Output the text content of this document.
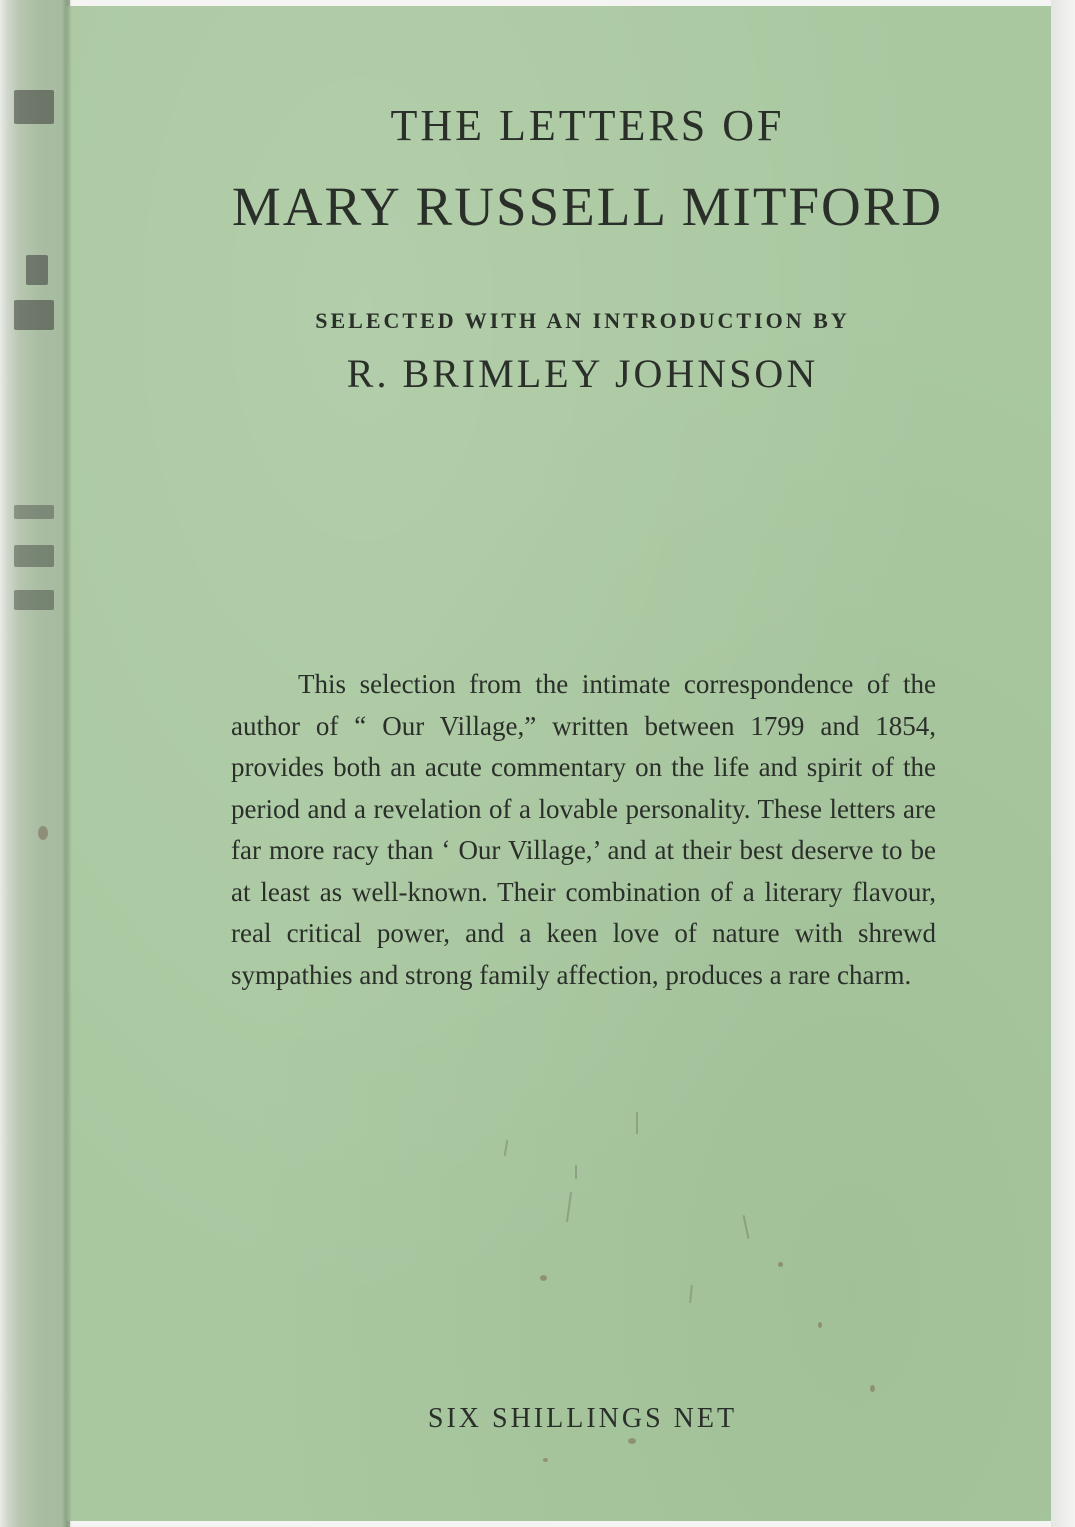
THE LETTERS OF
MARY RUSSELL MITFORD
SELECTED WITH AN INTRODUCTION BY
R. BRIMLEY JOHNSON

This selection from the intimate correspondence of the author of “ Our Village,” written between 1799 and 1854, provides both an acute commentary on the life and spirit of the period and a revelation of a lovable personality. These letters are far more racy than ‘ Our Village,’ and at their best deserve to be at least as well-known. Their combination of a literary flavour, real critical power, and a keen love of nature with shrewd sympathies and strong family affection, produces a rare charm.

SIX SHILLINGS NET
